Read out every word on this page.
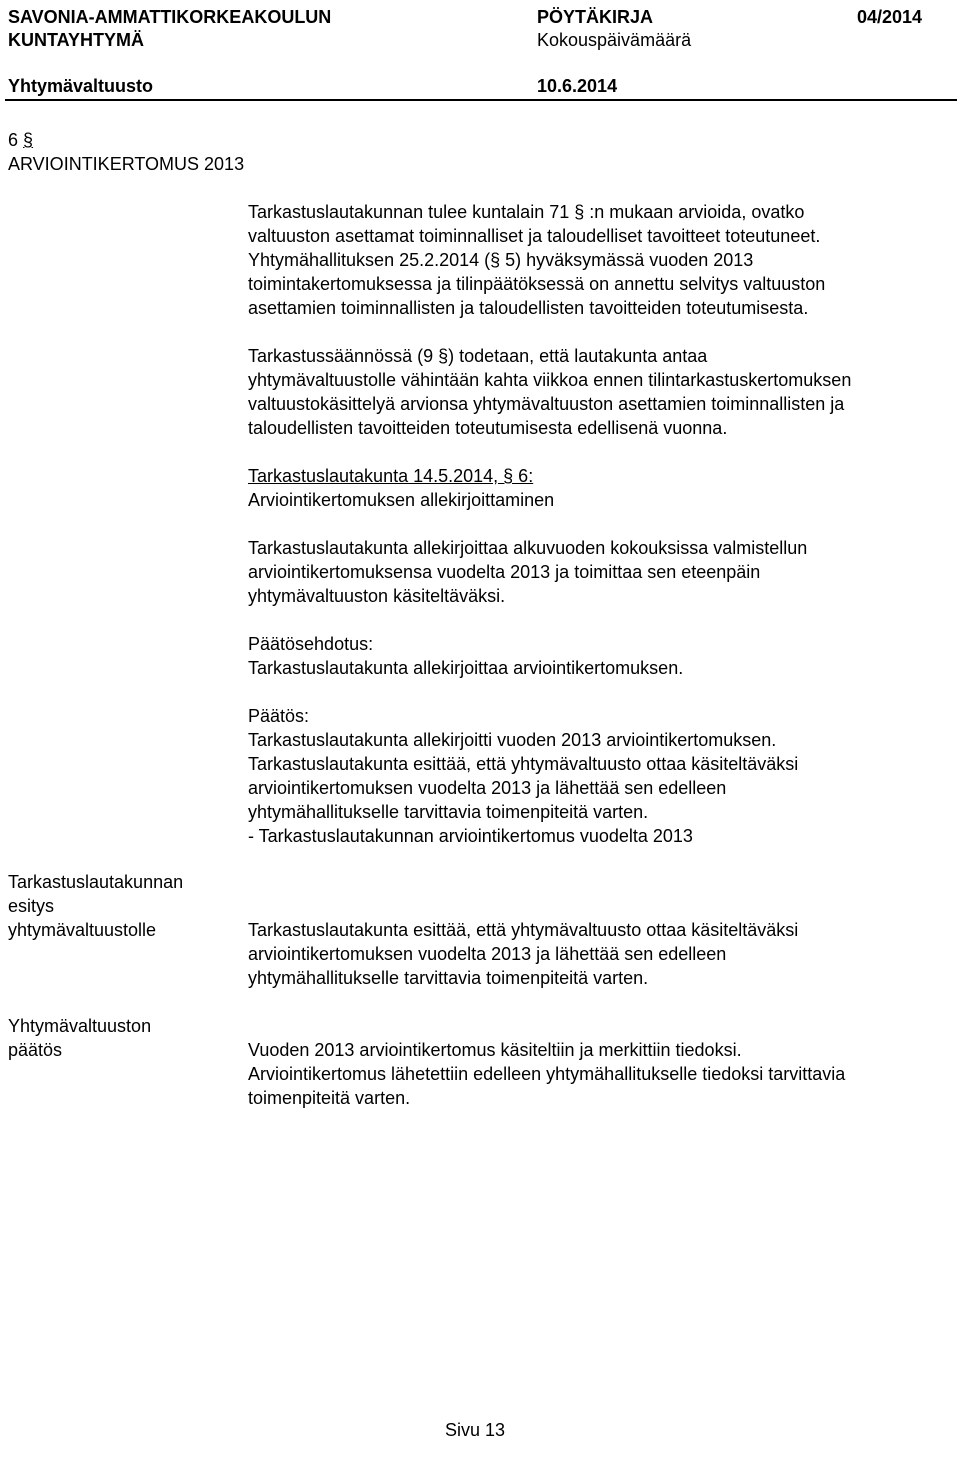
SAVONIA-AMMATTIKORKEAKOULUN
KUNTAYHTYMÄ
PÖYTÄKIRJA
Kokouspäivämäärä
04/2014
Yhtymävaltuusto	10.6.2014
6 §
ARVIOINTIKERTOMUS 2013
Tarkastuslautakunnan tulee kuntalain 71 § :n mukaan arvioida, ovatko
valtuuston asettamat toiminnalliset ja taloudelliset tavoitteet toteutuneet.
Yhtymähallituksen 25.2.2014 (§ 5) hyväksymässä vuoden 2013
toimintakertomuksessa ja tilinpäätöksessä on annettu selvitys valtuuston
asettamien toiminnallisten ja taloudellisten tavoitteiden toteutumisesta.
Tarkastussäännössä (9 §) todetaan, että lautakunta antaa
yhtymävaltuustolle vähintään kahta viikkoa ennen tilintarkastuskertomuksen
valtuustokäsittelyä arvionsa yhtymävaltuuston asettamien toiminnallisten ja
taloudellisten tavoitteiden toteutumisesta edellisenä vuonna.
Tarkastuslautakunta 14.5.2014, § 6:
Arviointikertomuksen allekirjoittaminen
Tarkastuslautakunta allekirjoittaa alkuvuoden kokouksissa valmistellun
arviointikertomuksensa vuodelta 2013 ja toimittaa sen eteenpäin
yhtymävaltuuston käsiteltäväksi.
Päätösehdotus:
Tarkastuslautakunta allekirjoittaa arviointikertomuksen.
Päätös:
Tarkastuslautakunta allekirjoitti vuoden 2013 arviointikertomuksen.
Tarkastuslautakunta esittää, että yhtymävaltuusto ottaa käsiteltäväksi
arviointikertomuksen vuodelta 2013 ja lähettää sen edelleen
yhtymähallitukselle tarvittavia toimenpiteitä varten.
- Tarkastuslautakunnan arviointikertomus vuodelta 2013
Tarkastuslautakunnan
esitys
yhtymävaltuustolle	Tarkastuslautakunta esittää, että yhtymävaltuusto ottaa käsiteltäväksi
arviointikertomuksen vuodelta 2013 ja lähettää sen edelleen
yhtymähallitukselle tarvittavia toimenpiteitä varten.
Yhtymävaltuuston
päätös	Vuoden 2013 arviointikertomus käsiteltiin ja merkittiin tiedoksi.
Arviointikertomus lähetettiin edelleen yhtymähallitukselle tiedoksi tarvittavia
toimenpiteitä varten.
Sivu 13
